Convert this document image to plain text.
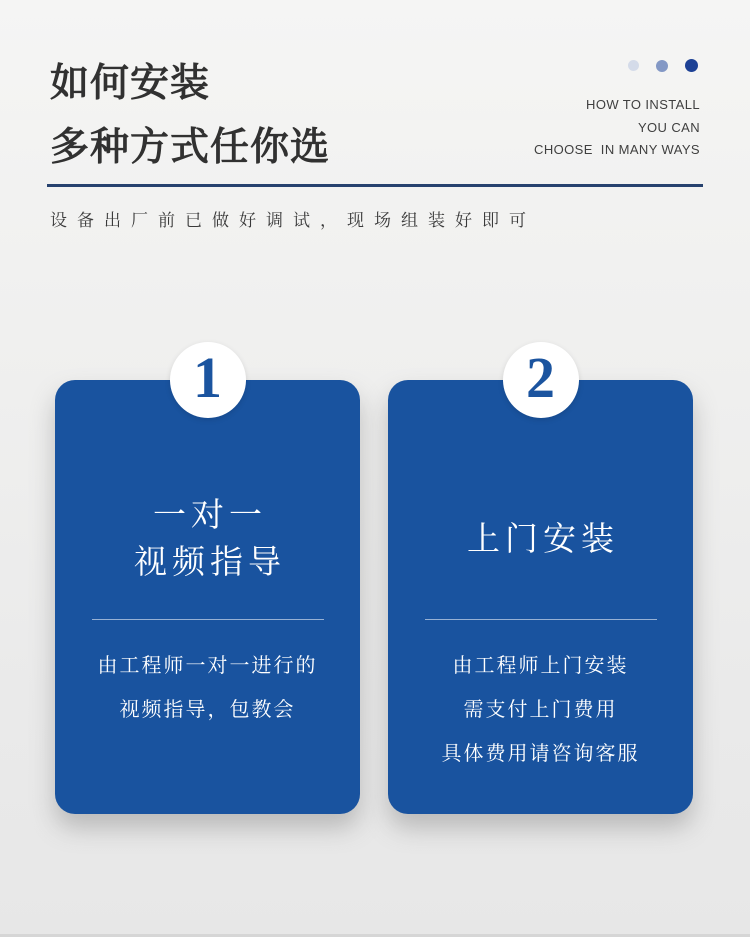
如何安装
多种方式任你选
HOW TO INSTALL
YOU CAN
CHOOSE  IN MANY WAYS
设备出厂前已做好调试，现场组装好即可
1
一对一
视频指导

由工程师一对一进行的

视频指导，包教会

2
上门安装

由工程师上门安装

需支付上门费用

具体费用请咨询客服
